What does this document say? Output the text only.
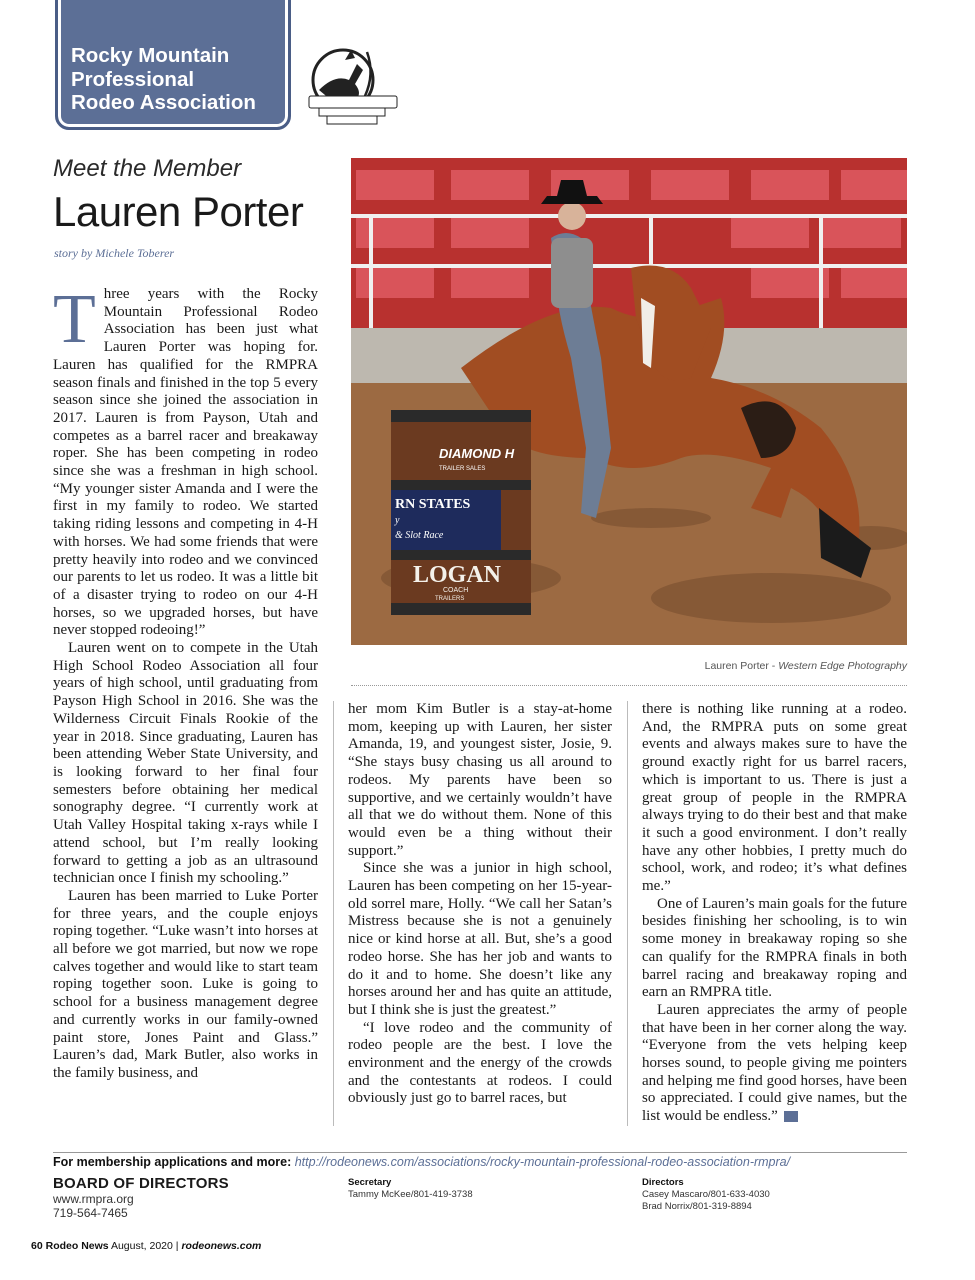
Rocky Mountain
Professional
Rodeo Association
Meet the Member
Lauren Porter
story by Michele Toberer
DIAMOND H
TRAILER SALES
RN STATES
y
& Slot Race
LOGAN
COACH
TRAILERS
Lauren Porter - Western Edge Photography

Three years with the Rocky Mountain Professional Rodeo Association has been just what Lauren Porter was hoping for. Lauren has qualified for the RMPRA season finals and finished in the top 5 every season since she joined the association in 2017. Lauren is from Payson, Utah and competes as a barrel racer and breakaway roper. She has been competing in rodeo since she was a freshman in high school. “My younger sister Amanda and I were the first in my family to rodeo. We started taking riding lessons and competing in 4-H with horses. We had some friends that were pretty heavily into rodeo and we convinced our parents to let us rodeo. It was a little bit of a disaster trying to rodeo on our 4-H horses, so we upgraded horses, but have never stopped rodeoing!”

Lauren went on to compete in the Utah High School Rodeo Association all four years of high school, until graduating from Payson High School in 2016. She was the Wilderness Circuit Finals Rookie of the year in 2018. Since graduating, Lauren has been attending Weber State University, and is looking forward to her final four semesters before obtaining her medical sonography degree. “I currently work at Utah Valley Hospital taking x-rays while I attend school, but I’m really looking forward to getting a job as an ultrasound technician once I finish my schooling.”

Lauren has been married to Luke Porter for three years, and the couple enjoys roping together. “Luke wasn’t into horses at all before we got married, but now we rope calves together and would like to start team roping together soon. Luke is going to school for a business management degree and currently works in our family-owned paint store, Jones Paint and Glass.” Lauren’s dad, Mark Butler, also works in the family business, and

her mom Kim Butler is a stay-at-home mom, keeping up with Lauren, her sister Amanda, 19, and youngest sister, Josie, 9. “She stays busy chasing us all around to rodeos. My parents have been so supportive, and we certainly wouldn’t have all that we do without them. None of this would even be a thing without their support.”

Since she was a junior in high school, Lauren has been competing on her 15-year-old sorrel mare, Holly. “We call her Satan’s Mistress because she is not a genuinely nice or kind horse at all. But, she’s a good rodeo horse. She has her job and wants to do it and to home. She doesn’t like any horses around her and has quite an attitude, but I think she is just the greatest.”

“I love rodeo and the community of rodeo people are the best. I love the environment and the energy of the crowds and the contestants at rodeos. I could obviously just go to barrel races, but

there is nothing like running at a rodeo. And, the RMPRA puts on some great events and always makes sure to have the ground exactly right for us barrel racers, which is important to us. There is just a great group of people in the RMPRA always trying to do their best and that make it such a good environment. I don’t really have any other hobbies, I pretty much do school, work, and rodeo; it’s what defines me.”

One of Lauren’s main goals for the future besides finishing her schooling, is to win some money in breakaway roping so she can qualify for the RMPRA finals in both barrel racing and breakaway roping and earn an RMPRA title.

Lauren appreciates the army of people that have been in her corner along the way. “Everyone from the vets helping keep horses sound, to people giving me pointers and helping me find good horses, have been so appreciated. I could give names, but the list would be endless.”

For membership applications and more: http://rodeonews.com/associations/rocky-mountain-professional-rodeo-association-rmpra/
BOARD OF DIRECTORS
www.rmpra.org
719-564-7465
Secretary
Tammy McKee/801-419-3738
Directors
Casey Mascaro/801-633-4030
Brad Norrix/801-319-8894
60 Rodeo News August, 2020 | rodeonews.com
